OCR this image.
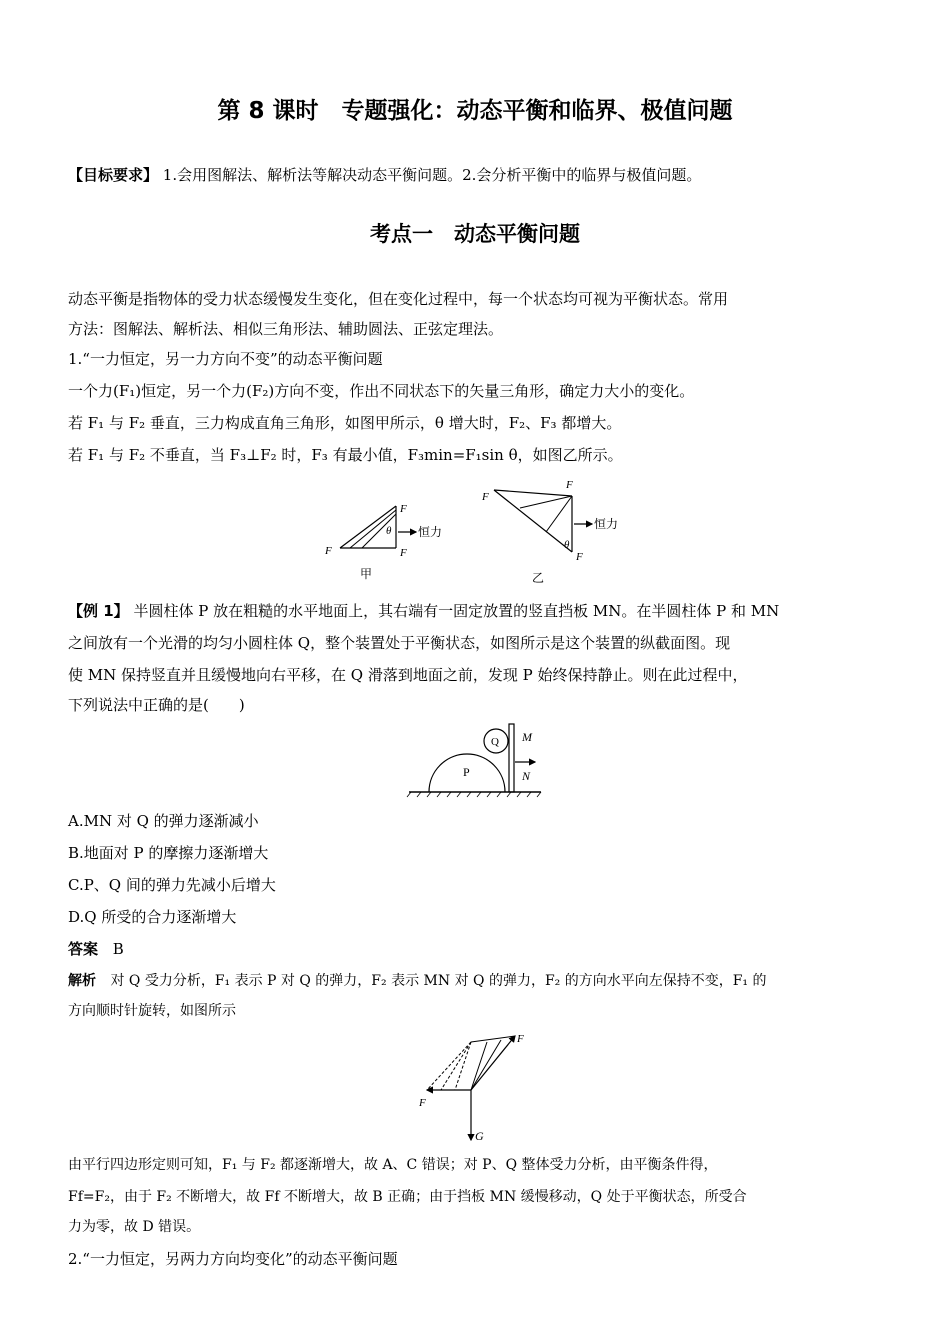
第 8 课时　专题强化：动态平衡和临界、极值问题
【目标要求】 1.会用图解法、解析法等解决动态平衡问题。2.会分析平衡中的临界与极值问题。
考点一　动态平衡问题
动态平衡是指物体的受力状态缓慢发生变化，但在变化过程中，每一个状态均可视为平衡状态。常用
方法：图解法、解析法、相似三角形法、辅助圆法、正弦定理法。
1.“一力恒定，另一力方向不变”的动态平衡问题
一个力(F₁)恒定，另一个力(F₂)方向不变，作出不同状态下的矢量三角形，确定力大小的变化。
若 F₁ 与 F₂ 垂直，三力构成直角三角形，如图甲所示，θ 增大时，F₂、F₃ 都增大。
若 F₁ 与 F₂ 不垂直，当 F₃⊥F₂ 时，F₃ 有最小值，F₃min=F₁sin θ，如图乙所示。
F
F	F
θ 恒力
甲
F
F
F
θ
恒力
乙
【例 1】 半圆柱体 P 放在粗糙的水平地面上，其右端有一固定放置的竖直挡板 MN。在半圆柱体 P 和 MN
之间放有一个光滑的均匀小圆柱体 Q，整个装置处于平衡状态，如图所示是这个装置的纵截面图。现
使 MN 保持竖直并且缓慢地向右平移，在 Q 滑落到地面之前，发现 P 始终保持静止。则在此过程中，
下列说法中正确的是(　　)
P
Q M
N
A.MN 对 Q 的弹力逐渐减小
B.地面对 P 的摩擦力逐渐增大
C.P、Q 间的弹力先减小后增大
D.Q 所受的合力逐渐增大
答案 B
解析 对 Q 受力分析，F₁ 表示 P 对 Q 的弹力，F₂ 表示 MN 对 Q 的弹力，F₂ 的方向水平向左保持不变，F₁ 的
方向顺时针旋转，如图所示
F
F
G
由平行四边形定则可知，F₁ 与 F₂ 都逐渐增大，故 A、C 错误；对 P、Q 整体受力分析，由平衡条件得，
Ff=F₂，由于 F₂ 不断增大，故 Ff 不断增大，故 B 正确；由于挡板 MN 缓慢移动，Q 处于平衡状态，所受合
力为零，故 D 错误。
2.“一力恒定，另两力方向均变化”的动态平衡问题
